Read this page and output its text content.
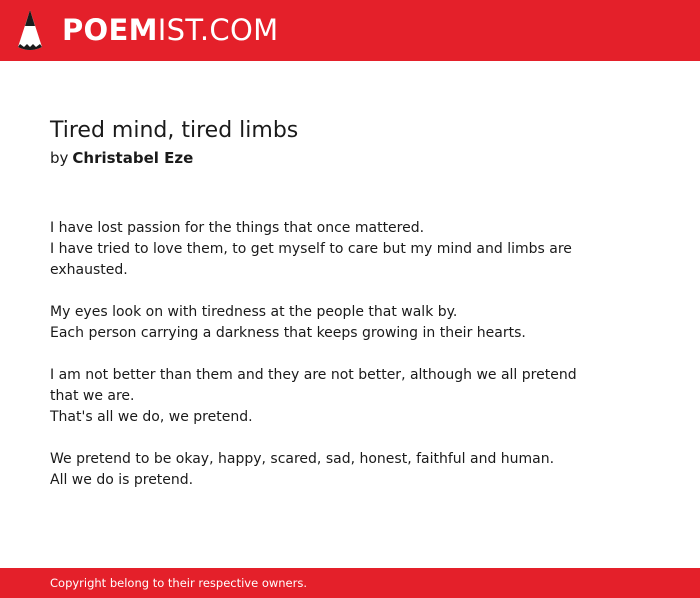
POEMIST.COM
Tired mind, tired limbs
by Christabel Eze
I have lost passion for the things that once mattered.
I have tried to love them, to get myself to care but my mind and limbs are exhausted.
My eyes look on with tiredness at the people that walk by.
Each person carrying a darkness that keeps growing in their hearts.
I am not better than them and they are not better, although we all pretend that we are.
That's all we do, we pretend.
We pretend to be okay, happy, scared, sad, honest, faithful and human.
All we do is pretend.
Copyright belong to their respective owners.
